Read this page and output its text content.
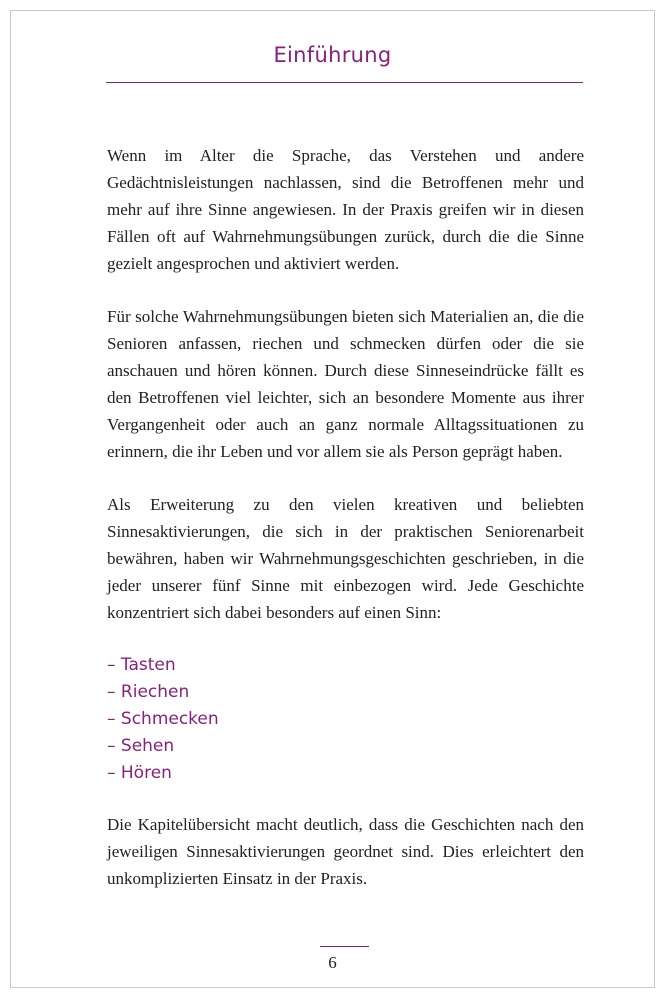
Einführung

Wenn im Alter die Sprache, das Verstehen und andere Gedächtnisleistungen nachlassen, sind die Betroffenen mehr und mehr auf ihre Sinne angewiesen. In der Praxis greifen wir in diesen Fällen oft auf Wahrnehmungsübungen zurück, durch die die Sinne gezielt angesprochen und aktiviert werden.

Für solche Wahrnehmungsübungen bieten sich Materialien an, die die Senioren anfassen, riechen und schmecken dürfen oder die sie anschauen und hören können. Durch diese Sinneseindrücke fällt es den Betroffenen viel leichter, sich an besondere Momente aus ihrer Vergangenheit oder auch an ganz normale Alltagssituationen zu erinnern, die ihr Leben und vor allem sie als Person geprägt haben.

Als Erweiterung zu den vielen kreativen und beliebten Sinnesaktivierungen, die sich in der praktischen Seniorenarbeit bewähren, haben wir Wahrnehmungsgeschichten geschrieben, in die jeder unserer fünf Sinne mit einbezogen wird. Jede Geschichte konzentriert sich dabei besonders auf einen Sinn:

– Tasten
– Riechen
– Schmecken
– Sehen
– Hören

Die Kapitelübersicht macht deutlich, dass die Geschichten nach den jeweiligen Sinnesaktivierungen geordnet sind. Dies erleichtert den unkomplizierten Einsatz in der Praxis.

6
